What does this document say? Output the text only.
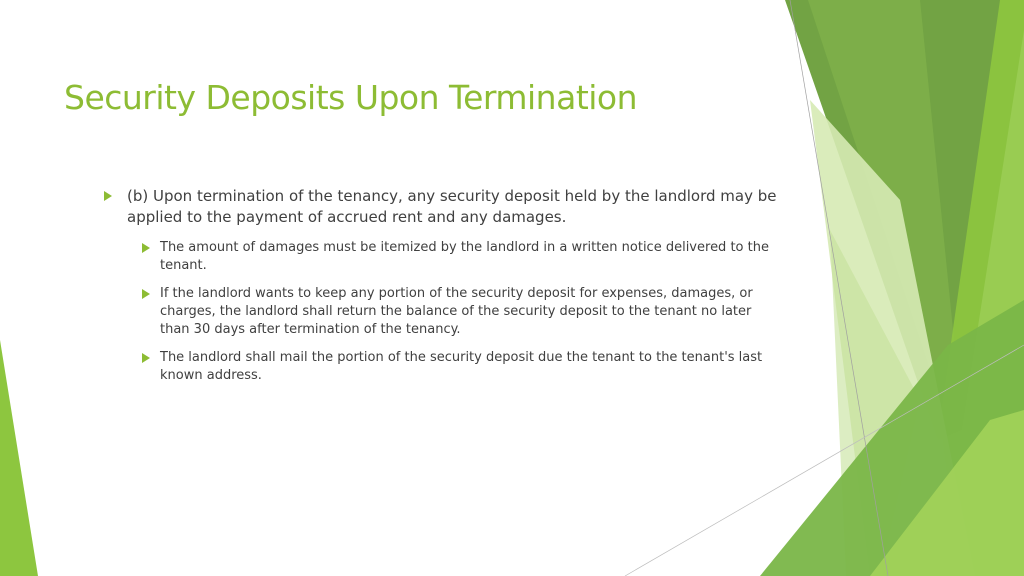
Security Deposits Upon Termination
(b) Upon termination of the tenancy, any security deposit held by the landlord may be applied to the payment of accrued rent and any damages.
The amount of damages must be itemized by the landlord in a written notice delivered to the tenant.
If the landlord wants to keep any portion of the security deposit for expenses, damages, or charges, the landlord shall return the balance of the security deposit to the tenant no later than 30 days after termination of the tenancy.
The landlord shall mail the portion of the security deposit due the tenant to the tenant's last known address.
